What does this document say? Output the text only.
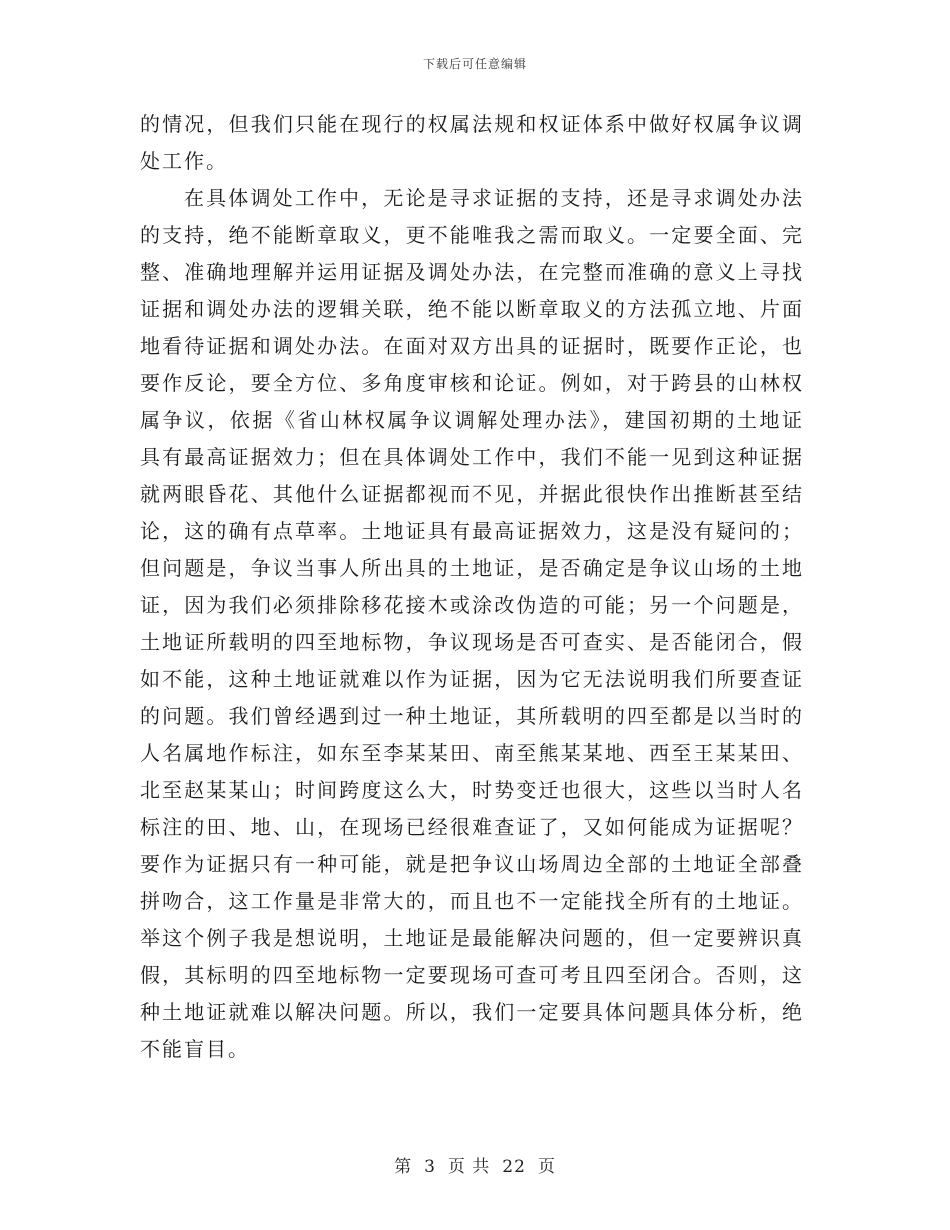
下载后可任意编辑

的情况，但我们只能在现行的权属法规和权证体系中做好权属争议调处工作。

在具体调处工作中，无论是寻求证据的支持，还是寻求调处办法的支持，绝不能断章取义，更不能唯我之需而取义。一定要全面、完整、准确地理解并运用证据及调处办法，在完整而准确的意义上寻找证据和调处办法的逻辑关联，绝不能以断章取义的方法孤立地、片面地看待证据和调处办法。在面对双方出具的证据时，既要作正论，也要作反论，要全方位、多角度审核和论证。例如，对于跨县的山林权属争议，依据《省山林权属争议调解处理办法》，建国初期的土地证具有最高证据效力；但在具体调处工作中，我们不能一见到这种证据就两眼昏花、其他什么证据都视而不见，并据此很快作出推断甚至结论，这的确有点草率。土地证具有最高证据效力，这是没有疑问的；但问题是，争议当事人所出具的土地证，是否确定是争议山场的土地证，因为我们必须排除移花接木或涂改伪造的可能；另一个问题是，土地证所载明的四至地标物，争议现场是否可查实、是否能闭合，假如不能，这种土地证就难以作为证据，因为它无法说明我们所要查证的问题。我们曾经遇到过一种土地证，其所载明的四至都是以当时的人名属地作标注，如东至李某某田、南至熊某某地、西至王某某田、北至赵某某山；时间跨度这么大，时势变迁也很大，这些以当时人名标注的田、地、山，在现场已经很难查证了，又如何能成为证据呢？要作为证据只有一种可能，就是把争议山场周边全部的土地证全部叠拼吻合，这工作量是非常大的，而且也不一定能找全所有的土地证。举这个例子我是想说明，土地证是最能解决问题的，但一定要辨识真假，其标明的四至地标物一定要现场可查可考且四至闭合。否则，这种土地证就难以解决问题。所以，我们一定要具体问题具体分析，绝不能盲目。

第 3 页 共 22 页
